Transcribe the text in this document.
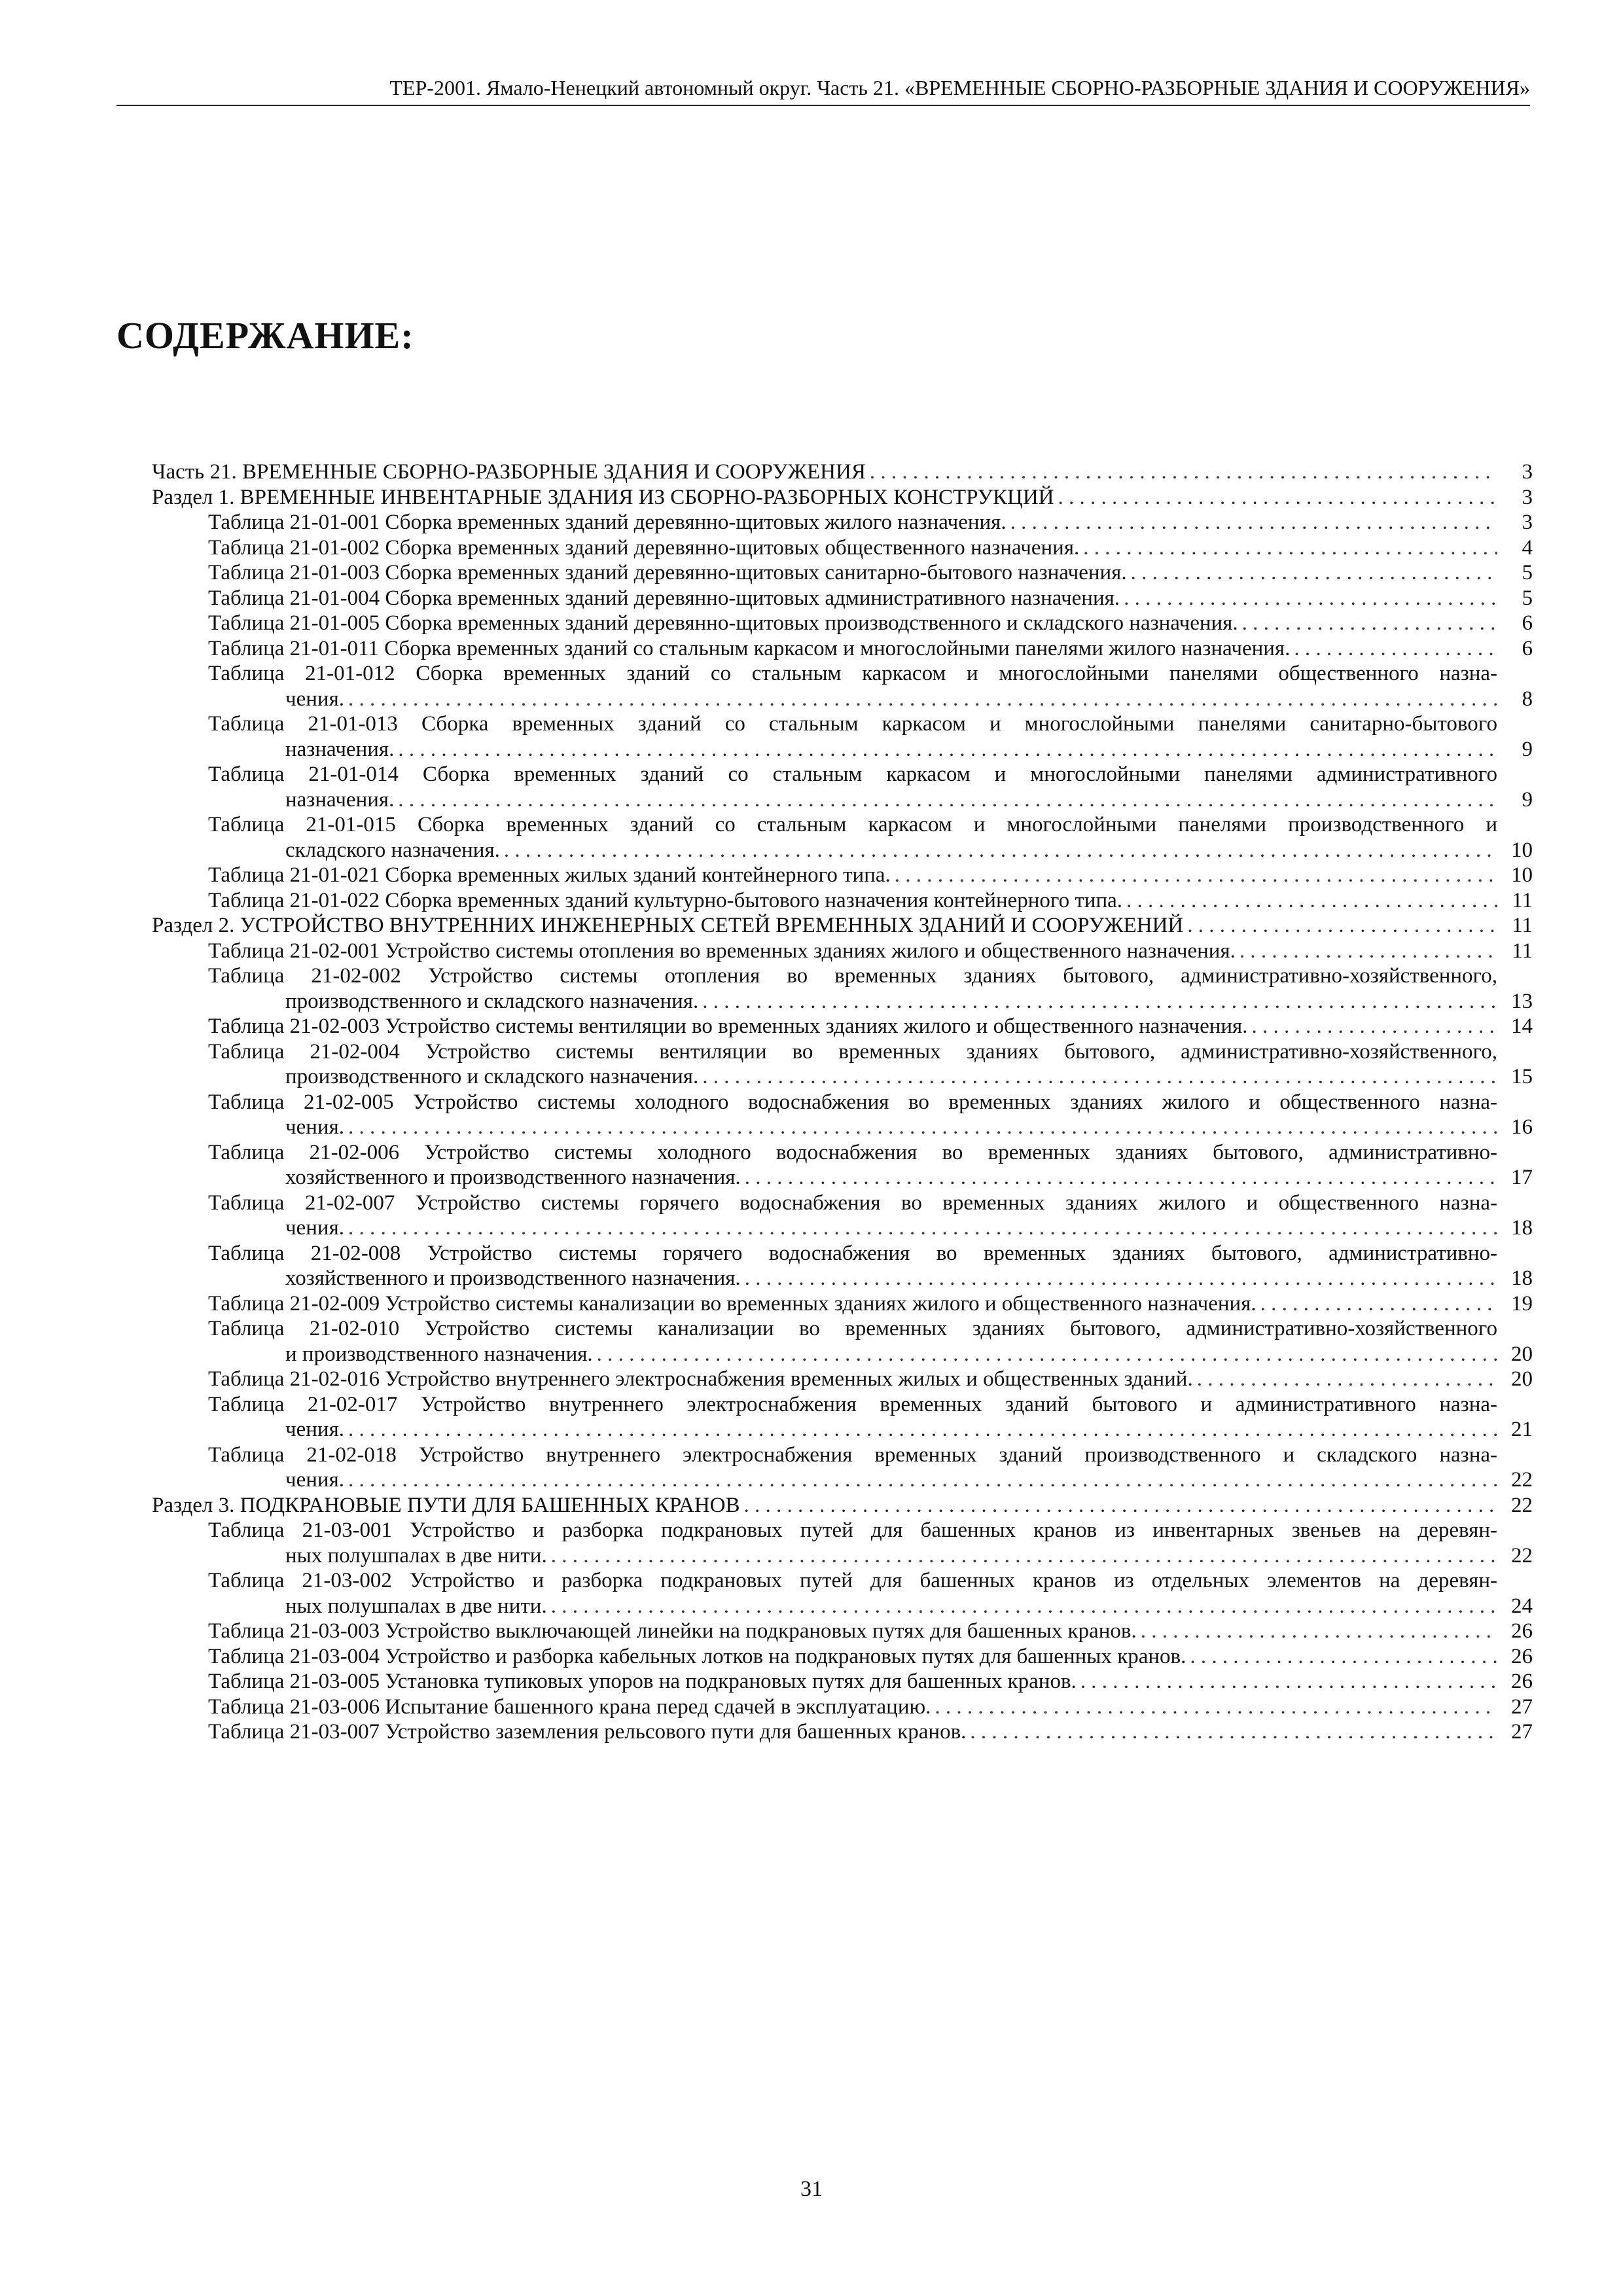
ТЕР-2001. Ямало-Ненецкий автономный округ. Часть 21. «ВРЕМЕННЫЕ СБОРНО-РАЗБОРНЫЕ ЗДАНИЯ И СООРУЖЕНИЯ»
СОДЕРЖАНИЕ:
Часть 21. ВРЕМЕННЫЕ СБОРНО-РАЗБОРНЫЕ ЗДАНИЯ И СООРУЖЕНИЯ . . .	3
Раздел 1. ВРЕМЕННЫЕ ИНВЕНТАРНЫЕ ЗДАНИЯ ИЗ СБОРНО-РАЗБОРНЫХ КОНСТРУКЦИЙ . . .	3
Таблица 21-01-001 Сборка временных зданий деревянно-щитовых жилого назначения. . . .	3
Таблица 21-01-002 Сборка временных зданий деревянно-щитовых общественного назначения. . . .	4
Таблица 21-01-003 Сборка временных зданий деревянно-щитовых санитарно-бытового назначения. . . .	5
Таблица 21-01-004 Сборка временных зданий деревянно-щитовых административного назначения. . . .	5
Таблица 21-01-005 Сборка временных зданий деревянно-щитовых производственного и складского назначения. . . .	6
Таблица 21-01-011 Сборка временных зданий со стальным каркасом и многослойными панелями жилого назначения. . . .	6
Таблица 21-01-012 Сборка временных зданий со стальным каркасом и многослойными панелями общественного назна-
чения. . . .	8
Таблица 21-01-013 Сборка временных зданий со стальным каркасом и многослойными панелями санитарно-бытового
назначения. . . .	9
Таблица 21-01-014 Сборка временных зданий со стальным каркасом и многослойными панелями административного
назначения. . . .	9
Таблица 21-01-015 Сборка временных зданий со стальным каркасом и многослойными панелями производственного и
складского назначения. . . .	10
Таблица 21-01-021 Сборка временных жилых зданий контейнерного типа. . . .	10
Таблица 21-01-022 Сборка временных зданий культурно-бытового назначения контейнерного типа. . . .	11
Раздел 2. УСТРОЙСТВО ВНУТРЕННИХ ИНЖЕНЕРНЫХ СЕТЕЙ ВРЕМЕННЫХ ЗДАНИЙ И СООРУЖЕНИЙ . . .	11
Таблица 21-02-001 Устройство системы отопления во временных зданиях жилого и общественного назначения. . . .	11
Таблица 21-02-002 Устройство системы отопления во временных зданиях бытового, административно-хозяйственного,
производственного и складского назначения. . . .	13
Таблица 21-02-003 Устройство системы вентиляции во временных зданиях жилого и общественного назначения. . . .	14
Таблица 21-02-004 Устройство системы вентиляции во временных зданиях бытового, административно-хозяйственного,
производственного и складского назначения. . . .	15
Таблица 21-02-005 Устройство системы холодного водоснабжения во временных зданиях жилого и общественного назна-
чения. . . .	16
Таблица 21-02-006 Устройство системы холодного водоснабжения во временных зданиях бытового, административно-
хозяйственного и производственного назначения. . . .	17
Таблица 21-02-007 Устройство системы горячего водоснабжения во временных зданиях жилого и общественного назна-
чения. . . .	18
Таблица 21-02-008 Устройство системы горячего водоснабжения во временных зданиях бытового, административно-
хозяйственного и производственного назначения. . . .	18
Таблица 21-02-009 Устройство системы канализации во временных зданиях жилого и общественного назначения. . . .	19
Таблица 21-02-010 Устройство системы канализации во временных зданиях бытового, административно-хозяйственного
и производственного назначения. . . .	20
Таблица 21-02-016 Устройство внутреннего электроснабжения временных жилых и общественных зданий. . . .	20
Таблица 21-02-017 Устройство внутреннего электроснабжения временных зданий бытового и административного назна-
чения. . . .	21
Таблица 21-02-018 Устройство внутреннего электроснабжения временных зданий производственного и складского назна-
чения. . . .	22
Раздел 3. ПОДКРАНОВЫЕ ПУТИ ДЛЯ БАШЕННЫХ КРАНОВ . . .	22
Таблица 21-03-001 Устройство и разборка подкрановых путей для башенных кранов из инвентарных звеньев на деревян-
ных полушпалах в две нити. . . .	22
Таблица 21-03-002 Устройство и разборка подкрановых путей для башенных кранов из отдельных элементов на деревян-
ных полушпалах в две нити. . . .	24
Таблица 21-03-003 Устройство выключающей линейки на подкрановых путях для башенных кранов. . . .	26
Таблица 21-03-004 Устройство и разборка кабельных лотков на подкрановых путях для башенных кранов. . . .	26
Таблица 21-03-005 Установка тупиковых упоров на подкрановых путях для башенных кранов. . . .	26
Таблица 21-03-006 Испытание башенного крана перед сдачей в эксплуатацию. . . .	27
Таблица 21-03-007 Устройство заземления рельсового пути для башенных кранов. . . .	27
31
